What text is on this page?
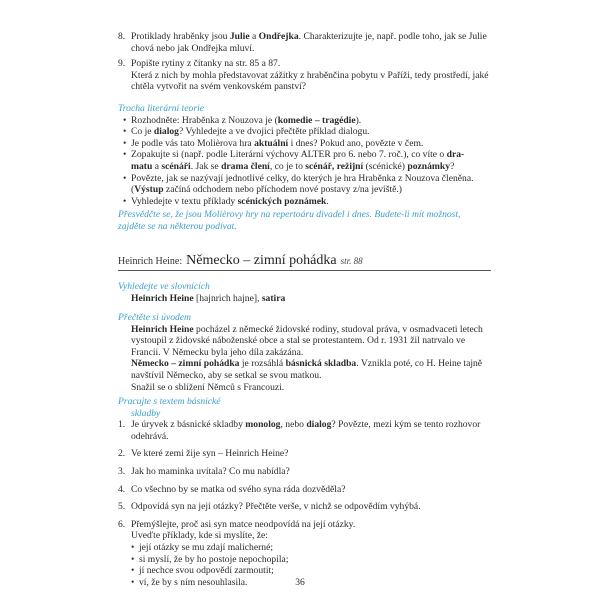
8. Protiklady hraběnky jsou Julie a Ondřejka. Charakterizujte je, např. podle toho, jak se Julie

chová nebo jak Ondřejka mluví.

9. Popište rytiny z čítanky na str. 85 a 87.

Která z nich by mohla představovat zážitky z hraběnčina pobytu v Paříži, tedy prostředí, jaké

chtěla vytvořit na svém venkovském panství?

Trocha literární teorie

• Rozhodněte: Hraběnka z Nouzova je (komedie – tragédie).
• Co je dialog? Vyhledejte a ve dvojici přečtěte příklad dialogu.
• Je podle vás tato Molièrova hra aktuální i dnes? Pokud ano, povězte v čem.
• Zopakujte si (např. podle Literární výchovy ALTER pro 6. nebo 7. roč.), co víte o dra-
matu a scénáři. Jak se drama člení, co je to scénář, režijní (scénické) poznámky?
• Povězte, jak se nazývají jednotlivé celky, do kterých je hra Hraběnka z Nouzova členěna.
(Výstup začíná odchodem nebo příchodem nové postavy z/na jeviště.)
• Vyhledejte v textu příklady scénických poznámek.

Přesvědčte se, že jsou Molièrovy hry na repertoáru divadel i dnes. Budete-li mít možnost,

zajděte se na některou podívat.

Heinrich Heine: Německo – zimní pohádka str. 88

Vyhledejte ve slovnících

Heinrich Heine [hajnrich hajne], satira

Přečtěte si úvodem

Heinrich Heine pocházel z německé židovské rodiny, studoval práva, v osmadvaceti letech

vystoupil z židovské náboženské obce a stal se protestantem. Od r. 1931 žil natrvalo ve

Francii. V Německu byla jeho díla zakázána.

Německo – zimní pohádka je rozsáhlá básnická skladba. Vznikla poté, co H. Heine tajně

navštívil Německo, aby se setkal se svou matkou.

Snažil se o sblížení Němců s Francouzi.

Pracujte s textem básnické

skladby

1. Je úryvek z básnické skladby monolog, nebo dialog? Povězte, mezi kým se tento rozhovor

odehrává.

2. Ve které zemi žije syn – Heinrich Heine?

3. Jak ho maminka uvítala? Co mu nabídla?

4. Co všechno by se matka od svého syna ráda dozvěděla?

5. Odpovídá syn na její otázky? Přečtěte verše, v nichž se odpovědím vyhýbá.

6. Přemýšlejte, proč asi syn matce neodpovídá na její otázky.

Uveďte příklady, kde si myslíte, že:

• její otázky se mu zdají malicherné;
• si myslí, že by ho postoje nepochopila;
• jí nechce svou odpovědí zarmoutit;
• ví, že by s ním nesouhlasila.	36
